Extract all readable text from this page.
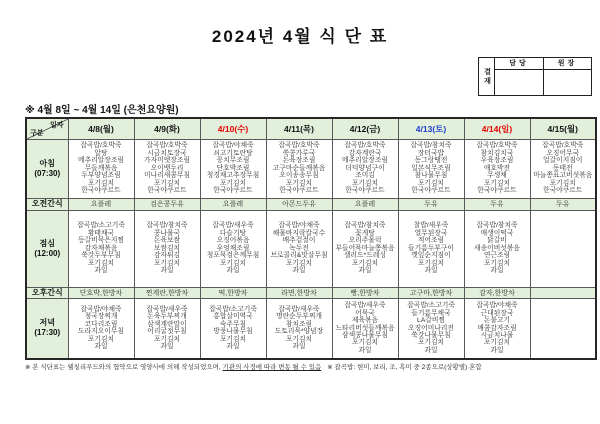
2024년 4월 식 단 표
결재
담당	원장
※ 4월 8일 ~ 4월 14일 (은천요양원)
일자
구분	4/8(월)	4/9(화)	4/10(수)	4/11(목)	4/12(금)	4/13(토)	4/14(일)	4/15(월)

아침
(07:30)

잡곡밥/호박죽
알탕
메추리알장조림
무들깨볶음
두부양념조림
포기김치
한국야쿠르트

잡곡밥/호박죽
시금치토장국
가자미뎃장조림
오이뱃두리
미나리새콤무침
포기김치
한국야쿠르트

잡곡밥/야채죽
쇠고기토란탕
꽁치무조림
단호박조림
청경채고추장무침
포기김치
한국야쿠르트

잡곡밥/호박죽
쑥콩가루국
돈육장조림
고구마순들깨볶음
오이송송무침
포기김치
한국야쿠르트

잡곡밥/호박죽
감자계란국
메추리알장조림
더덕양념구이
조미김
포기김치
한국야쿠르트

잡곡밥/참치죽
장터국밥
동그랑땡전
일본식무조림
참나물무침
포기김치
한국야쿠르트

잡곡밥/호박죽
참치김치국
우육장조림
애호박전
무생채
포기김치
한국야쿠르트

잡곡밥/호박죽
오징어무국
얼갈이지짐이
동태전
마늘쫑표고버섯볶음
포기김치
한국야쿠르트

오전간식	요플레	검은콩두유	요플레	아몬드두유	요플레	두유	두유	두유

점심
(12:00)

잡곡밥/소고기죽
황태채국
등갈비묵은지찜
감자채볶음
쑥갓두부무침
포기김치
과일

잡곡밥/참치죽
콩나물국
돈육보쌈
보쌈김치
감자튀김
포기김치
과일

잡곡밥/새우죽
다슬기탕
오징어볶음
우엉채조림
청포묵검은깨무침
포기김치
과일

잡곡밥/야채죽
해물바지락칼국수
배추겉절이
녹두전
브로콜리&맛살무침
포기김치
과일

잡곡밥/참치죽
꽃게탕
오리주물럭
부들어묵마늘쫑볶음
샐러드*드레싱
포기김치
과일

찰밥/새우죽
열무된장국
적어조림
들기름두부구이
깻잎순지짐이
포기김치
과일

잡곡밥/참치죽
매생이떡국
닭갈비
새송이버섯볶음
연근조림
포기김치
과일

오후간식	단호박,한방차	찐계란,한방차	떡,한방차	라면,한방차	빵,한방차	고구마,한방차	감자,한방차	

저녁
(17:30)

잡곡밥/야채죽
청국장찌개
코다리조림
도라지오이무침
포기김치
과일

잡곡밥/새우죽
돈육두부찌개
삼색계란말이
어리굴젓무침
포기김치
과일

잡곡밥/소고기죽
홍합살미역국
숙주무침
방풍나물무침
포기김치
과일

잡곡밥/새우죽
명란순두부찌개
참치조림
도토리묵*양념장
포기김치
과일

잡곡밥/새우죽
어묵국
제육볶음
느타리버섯들깨볶음
삼색콩나물무침
포기김치
과일

잡곡밥/소고기죽
들기름무채국
LA갈비찜
오징어미나리전
쑥갓나물무침
포기김치
과일

잡곡밥/야채죽
근대된장국
돈불고기
매콤감자조림
시금치나물
포기김치
과일

※ 본 식단표는 웰칭리푸드와의 협약으로 영양사에 의해 작성되었으며, 기관의 사정에 따라 변동 될 수 있음 ※ 잡곡밥: 현미, 보리, 조, 흑미 중 2종으로(상황별) 혼합
